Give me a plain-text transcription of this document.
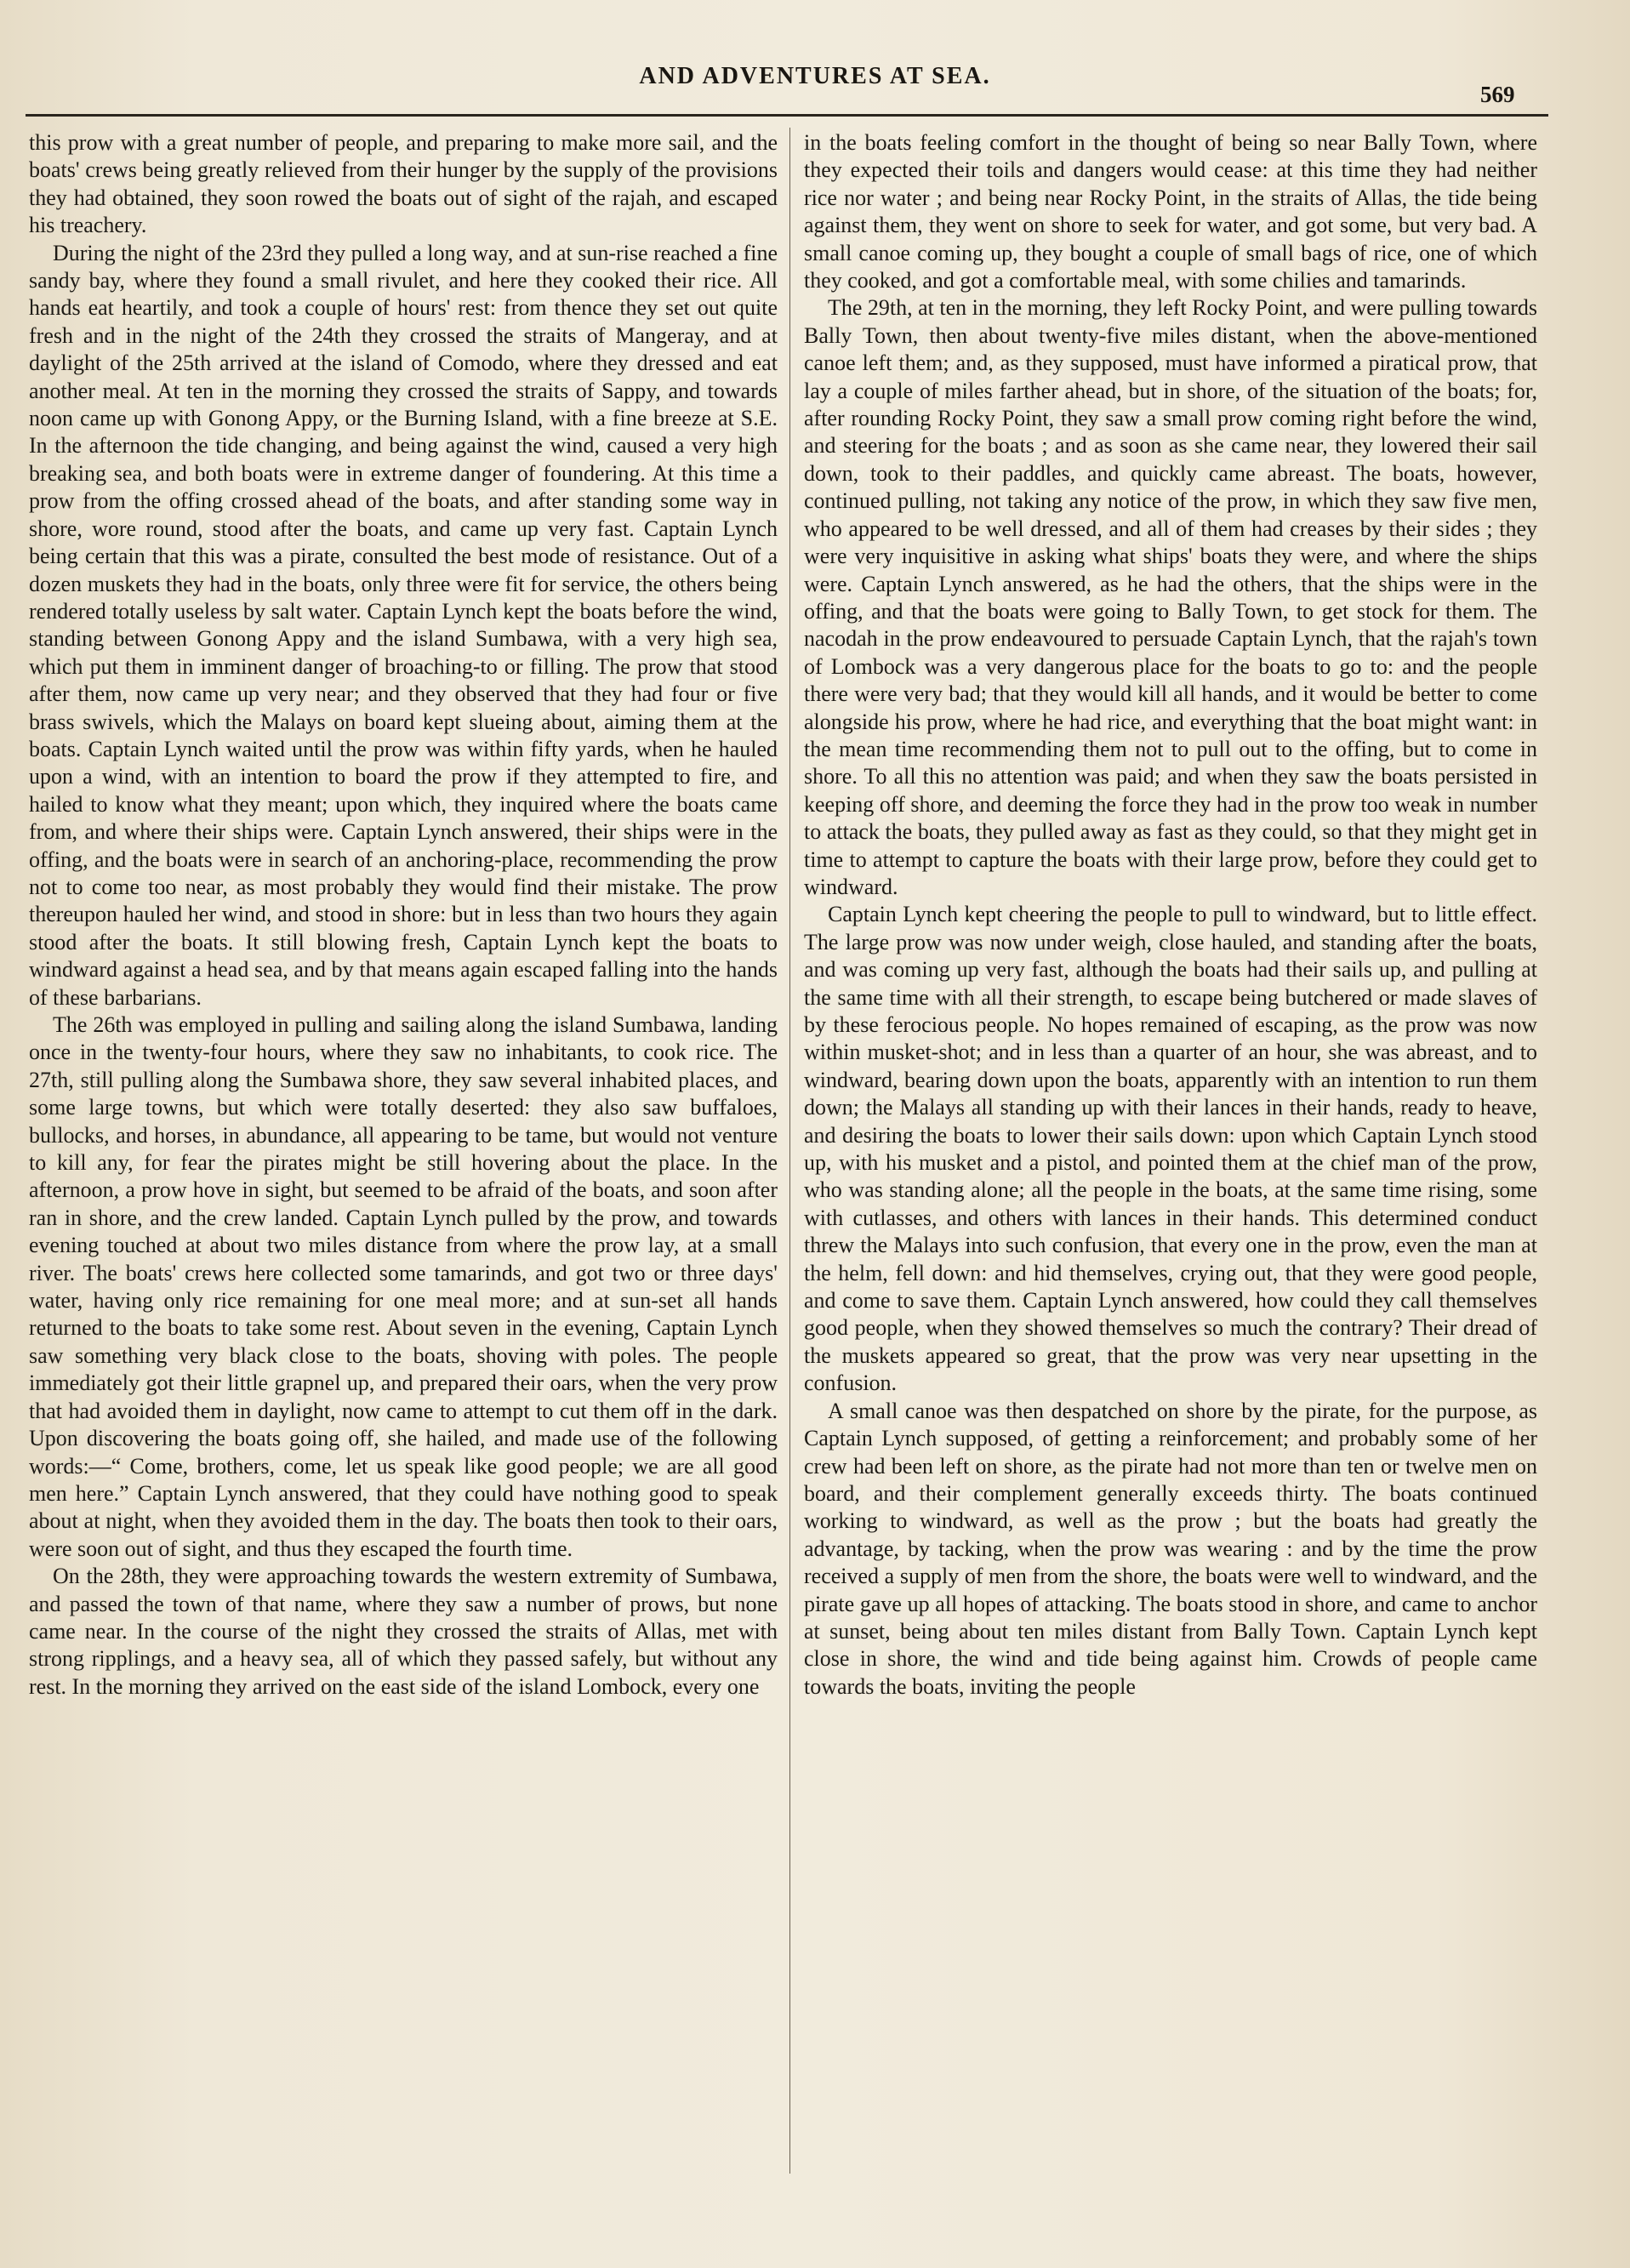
AND ADVENTURES AT SEA.
569

this prow with a great number of people, and preparing to make more sail, and the boats' crews being greatly relieved from their hunger by the supply of the provisions they had obtained, they soon rowed the boats out of sight of the rajah, and escaped his treachery.

During the night of the 23rd they pulled a long way, and at sun-rise reached a fine sandy bay, where they found a small rivulet, and here they cooked their rice. All hands eat heartily, and took a couple of hours' rest: from thence they set out quite fresh and in the night of the 24th they crossed the straits of Mangeray, and at daylight of the 25th arrived at the island of Comodo, where they dressed and eat another meal. At ten in the morning they crossed the straits of Sappy, and towards noon came up with Gonong Appy, or the Burning Island, with a fine breeze at S.E. In the afternoon the tide changing, and being against the wind, caused a very high breaking sea, and both boats were in extreme danger of foundering. At this time a prow from the offing crossed ahead of the boats, and after standing some way in shore, wore round, stood after the boats, and came up very fast. Captain Lynch being certain that this was a pirate, consulted the best mode of resistance. Out of a dozen muskets they had in the boats, only three were fit for service, the others being rendered totally useless by salt water. Captain Lynch kept the boats before the wind, standing between Gonong Appy and the island Sumbawa, with a very high sea, which put them in imminent danger of broaching-to or filling. The prow that stood after them, now came up very near; and they observed that they had four or five brass swivels, which the Malays on board kept slueing about, aiming them at the boats. Captain Lynch waited until the prow was within fifty yards, when he hauled upon a wind, with an intention to board the prow if they attempted to fire, and hailed to know what they meant; upon which, they inquired where the boats came from, and where their ships were. Captain Lynch answered, their ships were in the offing, and the boats were in search of an anchoring-place, recommending the prow not to come too near, as most probably they would find their mistake. The prow thereupon hauled her wind, and stood in shore: but in less than two hours they again stood after the boats. It still blowing fresh, Captain Lynch kept the boats to windward against a head sea, and by that means again escaped falling into the hands of these barbarians.

The 26th was employed in pulling and sailing along the island Sumbawa, landing once in the twenty-four hours, where they saw no inhabitants, to cook rice. The 27th, still pulling along the Sumbawa shore, they saw several inhabited places, and some large towns, but which were totally deserted: they also saw buffaloes, bullocks, and horses, in abundance, all appearing to be tame, but would not venture to kill any, for fear the pirates might be still hovering about the place. In the afternoon, a prow hove in sight, but seemed to be afraid of the boats, and soon after ran in shore, and the crew landed. Captain Lynch pulled by the prow, and towards evening touched at about two miles distance from where the prow lay, at a small river. The boats' crews here collected some tamarinds, and got two or three days' water, having only rice remaining for one meal more; and at sun-set all hands returned to the boats to take some rest. About seven in the evening, Captain Lynch saw something very black close to the boats, shoving with poles. The people immediately got their little grapnel up, and prepared their oars, when the very prow that had avoided them in daylight, now came to attempt to cut them off in the dark. Upon discovering the boats going off, she hailed, and made use of the following words:—“ Come, brothers, come, let us speak like good people; we are all good men here.” Captain Lynch answered, that they could have nothing good to speak about at night, when they avoided them in the day. The boats then took to their oars, were soon out of sight, and thus they escaped the fourth time.

On the 28th, they were approaching towards the western extremity of Sumbawa, and passed the town of that name, where they saw a number of prows, but none came near. In the course of the night they crossed the straits of Allas, met with strong ripplings, and a heavy sea, all of which they passed safely, but without any rest. In the morning they arrived on the east side of the island Lombock, every one

in the boats feeling comfort in the thought of being so near Bally Town, where they expected their toils and dangers would cease: at this time they had neither rice nor water ; and being near Rocky Point, in the straits of Allas, the tide being against them, they went on shore to seek for water, and got some, but very bad. A small canoe coming up, they bought a couple of small bags of rice, one of which they cooked, and got a comfortable meal, with some chilies and tamarinds.

The 29th, at ten in the morning, they left Rocky Point, and were pulling towards Bally Town, then about twenty-five miles distant, when the above-mentioned canoe left them; and, as they supposed, must have informed a piratical prow, that lay a couple of miles farther ahead, but in shore, of the situation of the boats; for, after rounding Rocky Point, they saw a small prow coming right before the wind, and steering for the boats ; and as soon as she came near, they lowered their sail down, took to their paddles, and quickly came abreast. The boats, however, continued pulling, not taking any notice of the prow, in which they saw five men, who appeared to be well dressed, and all of them had creases by their sides ; they were very inquisitive in asking what ships' boats they were, and where the ships were. Captain Lynch answered, as he had the others, that the ships were in the offing, and that the boats were going to Bally Town, to get stock for them. The nacodah in the prow endeavoured to persuade Captain Lynch, that the rajah's town of Lombock was a very dangerous place for the boats to go to: and the people there were very bad; that they would kill all hands, and it would be better to come alongside his prow, where he had rice, and everything that the boat might want: in the mean time recommending them not to pull out to the offing, but to come in shore. To all this no attention was paid; and when they saw the boats persisted in keeping off shore, and deeming the force they had in the prow too weak in number to attack the boats, they pulled away as fast as they could, so that they might get in time to attempt to capture the boats with their large prow, before they could get to windward.

Captain Lynch kept cheering the people to pull to windward, but to little effect. The large prow was now under weigh, close hauled, and standing after the boats, and was coming up very fast, although the boats had their sails up, and pulling at the same time with all their strength, to escape being butchered or made slaves of by these ferocious people. No hopes remained of escaping, as the prow was now within musket-shot; and in less than a quarter of an hour, she was abreast, and to windward, bearing down upon the boats, apparently with an intention to run them down; the Malays all standing up with their lances in their hands, ready to heave, and desiring the boats to lower their sails down: upon which Captain Lynch stood up, with his musket and a pistol, and pointed them at the chief man of the prow, who was standing alone; all the people in the boats, at the same time rising, some with cutlasses, and others with lances in their hands. This determined conduct threw the Malays into such confusion, that every one in the prow, even the man at the helm, fell down: and hid themselves, crying out, that they were good people, and come to save them. Captain Lynch answered, how could they call themselves good people, when they showed themselves so much the contrary? Their dread of the muskets appeared so great, that the prow was very near upsetting in the confusion.

A small canoe was then despatched on shore by the pirate, for the purpose, as Captain Lynch supposed, of getting a reinforcement; and probably some of her crew had been left on shore, as the pirate had not more than ten or twelve men on board, and their complement generally exceeds thirty. The boats continued working to windward, as well as the prow ; but the boats had greatly the advantage, by tacking, when the prow was wearing : and by the time the prow received a supply of men from the shore, the boats were well to windward, and the pirate gave up all hopes of attacking. The boats stood in shore, and came to anchor at sunset, being about ten miles distant from Bally Town. Captain Lynch kept close in shore, the wind and tide being against him. Crowds of people came towards the boats, inviting the people
